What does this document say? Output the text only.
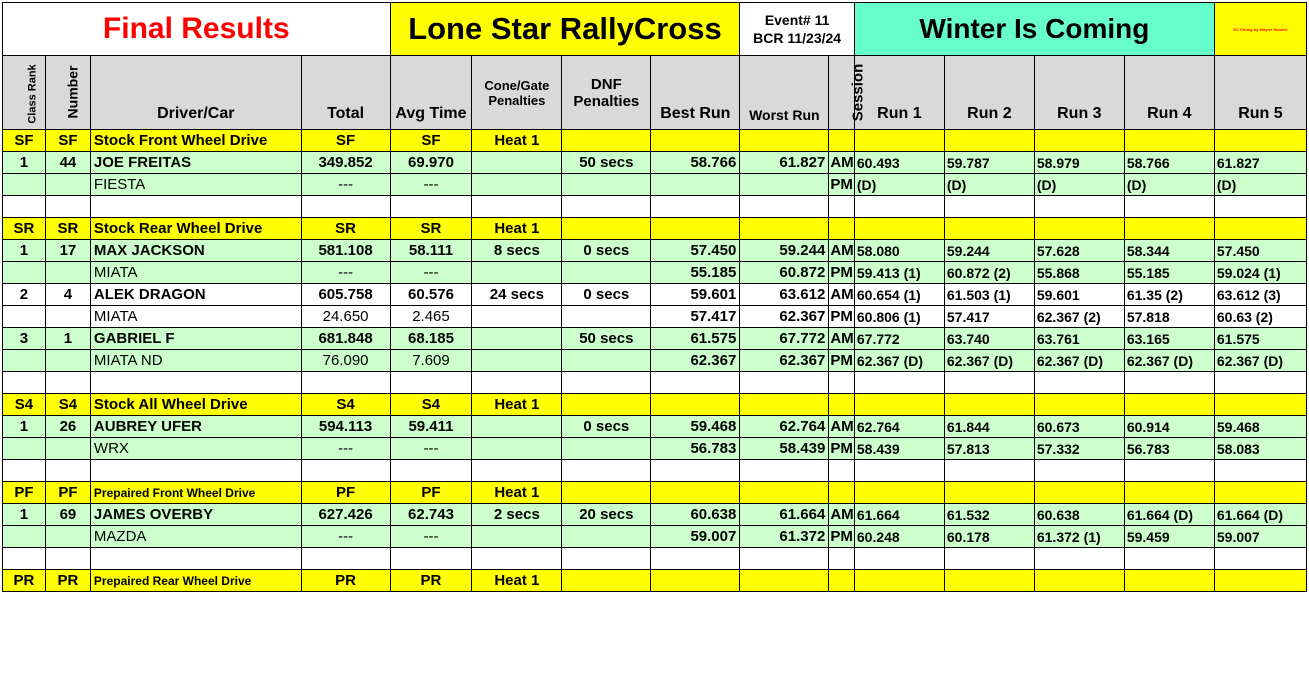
Final Results				Lone Star RallyCross				Event# 11
BCR 11/23/24		Winter Is Coming				EZ Timing by Wayne Stockel
Class Rank	Number	Driver/Car	Total	Avg Time	Cone/Gate Penalties	DNF
Penalties	Best Run	Worst Run	Session	Run 1	Run 2	Run 3	Run 4	Run 5
SF	SF	Stock Front Wheel Drive	SF	SF	Heat 1									
1	44	JOE FREITAS	349.852	69.970		50 secs	58.766	61.827	AM	60.493	59.787	58.979	58.766	61.827
		FIESTA	---	---					PM	(D)	(D)	(D)	(D)	(D)

SR	SR	Stock Rear Wheel Drive	SR	SR	Heat 1									
1	17	MAX JACKSON	581.108	58.111	8 secs	0 secs	57.450	59.244	AM	58.080	59.244	57.628	58.344	57.450
		MIATA	---	---			55.185	60.872	PM	59.413 (1)	60.872 (2)	55.868	55.185	59.024 (1)
2	4	ALEK DRAGON	605.758	60.576	24 secs	0 secs	59.601	63.612	AM	60.654 (1)	61.503 (1)	59.601	61.35 (2)	63.612 (3)
		MIATA	24.650	2.465			57.417	62.367	PM	60.806 (1)	57.417	62.367 (2)	57.818	60.63 (2)
3	1	GABRIEL F	681.848	68.185		50 secs	61.575	67.772	AM	67.772	63.740	63.761	63.165	61.575
		MIATA ND	76.090	7.609			62.367	62.367	PM	62.367 (D)	62.367 (D)	62.367 (D)	62.367 (D)	62.367 (D)

S4	S4	Stock All Wheel Drive	S4	S4	Heat 1									
1	26	AUBREY UFER	594.113	59.411		0 secs	59.468	62.764	AM	62.764	61.844	60.673	60.914	59.468
		WRX	---	---			56.783	58.439	PM	58.439	57.813	57.332	56.783	58.083

PF	PF	Prepaired Front Wheel Drive	PF	PF	Heat 1									
1	69	JAMES OVERBY	627.426	62.743	2 secs	20 secs	60.638	61.664	AM	61.664	61.532	60.638	61.664 (D)	61.664 (D)
		MAZDA	---	---			59.007	61.372	PM	60.248	60.178	61.372 (1)	59.459	59.007

PR	PR	Prepaired Rear Wheel Drive	PR	PR	Heat 1									
